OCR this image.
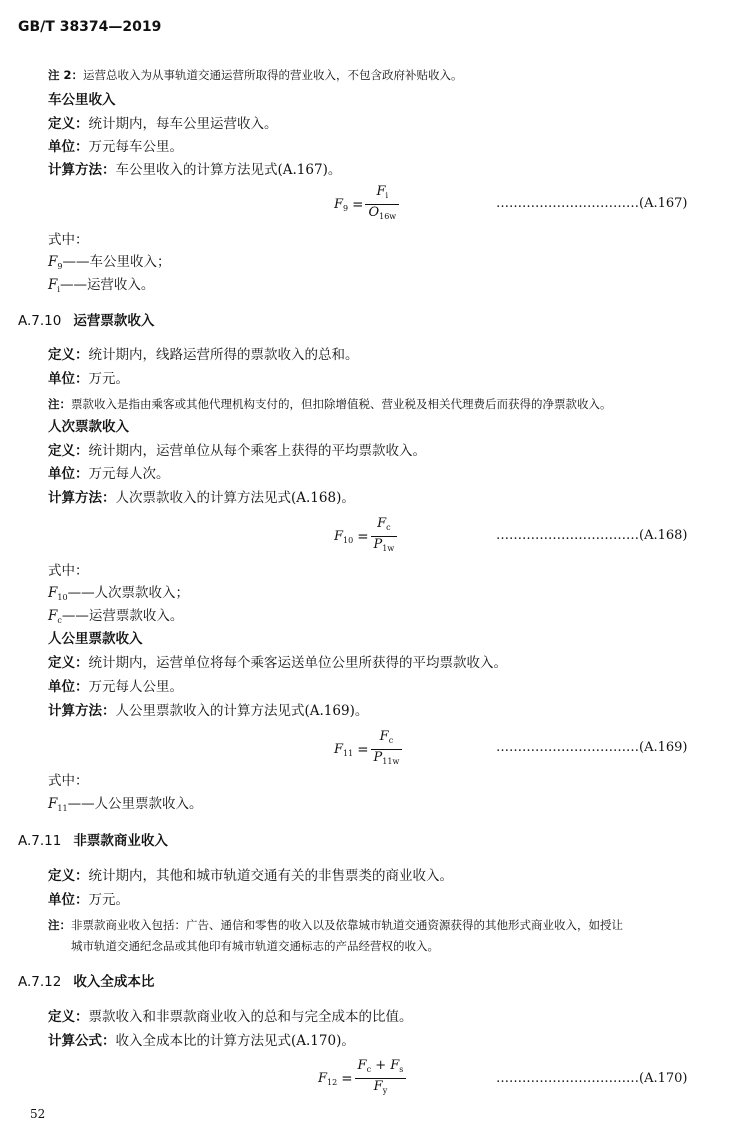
GB/T 38374—2019
注 2：运营总收入为从事轨道交通运营所取得的营业收入，不包含政府补贴收入。
车公里收入
定义：统计期内，每车公里运营收入。
单位：万元每车公里。
计算方法：车公里收入的计算方法见式(A.167)。
$F_9 = \frac{F_i}{O_{16w}}$	……………………………(A.167)
式中：
$F_9——$车公里收入；
$F_i——$运营收入。
A.7.10 运营票款收入
定义：统计期内，线路运营所得的票款收入的总和。
单位：万元。
注：票款收入是指由乘客或其他代理机构支付的，但扣除增值税、营业税及相关代理费后而获得的净票款收入。
人次票款收入
定义：统计期内，运营单位从每个乘客上获得的平均票款收入。
单位：万元每人次。
计算方法：人次票款收入的计算方法见式(A.168)。
$F_{10} = \frac{F_c}{P_{1w}}$	……………………………(A.168)
式中：
$F_{10}——$人次票款收入；
$F_c——$运营票款收入。
人公里票款收入
定义：统计期内，运营单位将每个乘客运送单位公里所获得的平均票款收入。
单位：万元每人公里。
计算方法：人公里票款收入的计算方法见式(A.169)。
$F_{11} = \frac{F_c}{P_{11w}}$	……………………………(A.169)
式中：
$F_{11}——$人公里票款收入。
A.7.11 非票款商业收入
定义：统计期内，其他和城市轨道交通有关的非售票类的商业收入。
单位：万元。
注：非票款商业收入包括：广告、通信和零售的收入以及依靠城市轨道交通资源获得的其他形式商业收入，如授让
城市轨道交通纪念品或其他印有城市轨道交通标志的产品经营权的收入。
A.7.12 收入全成本比
定义：票款收入和非票款商业收入的总和与完全成本的比值。
计算公式：收入全成本比的计算方法见式(A.170)。
$F_{12} = \frac{F_c + F_s}{F_y}$	……………………………(A.170)
52
